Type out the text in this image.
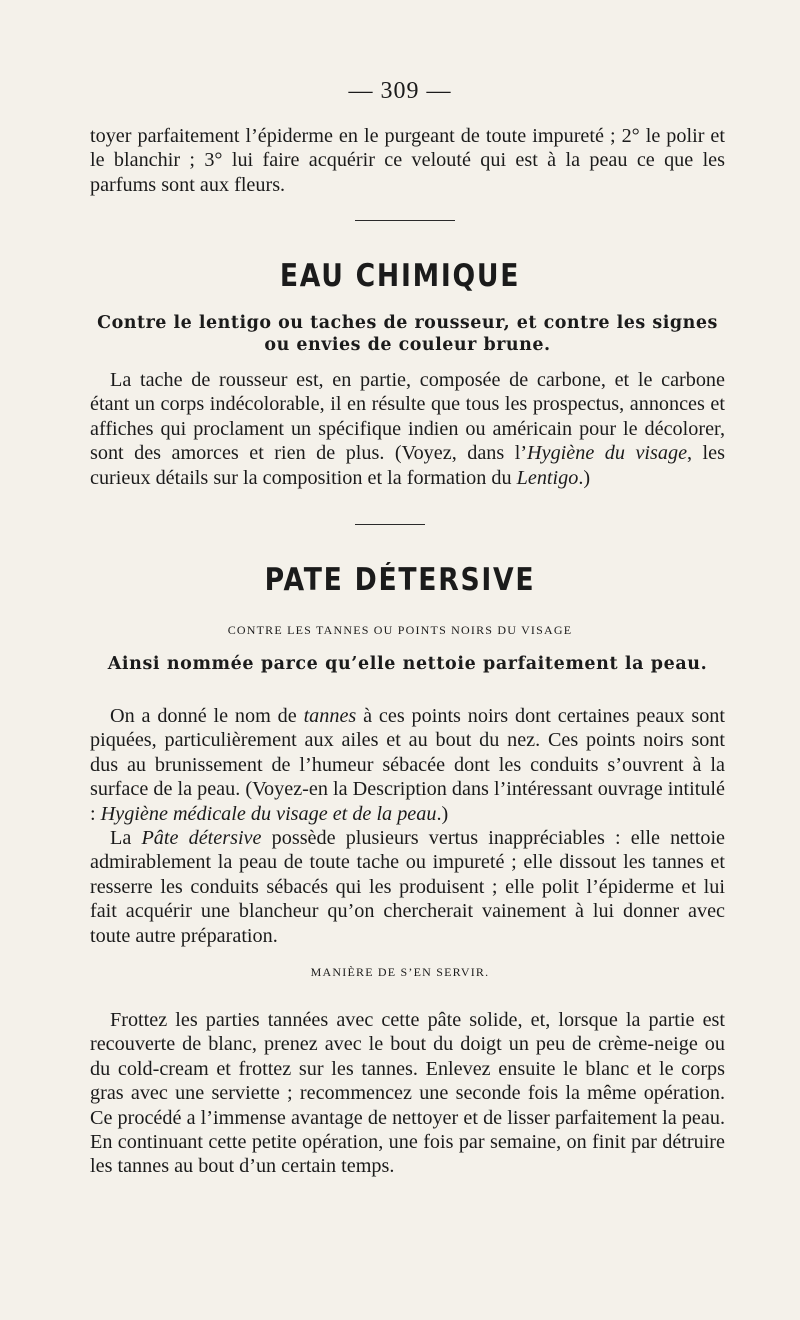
— 309 —

toyer parfaitement l’épiderme en le purgeant de toute impureté ; 2° le polir et le blanchir ; 3° lui faire acquérir ce velouté qui est à la peau ce que les parfums sont aux fleurs.

EAU CHIMIQUE
Contre le lentigo ou taches de rousseur, et contre les signes ou envies de couleur brune.

La tache de rousseur est, en partie, composée de carbone, et le carbone étant un corps indécolorable, il en résulte que tous les prospectus, annonces et affiches qui proclament un spécifique indien ou américain pour le décolorer, sont des amorces et rien de plus. (Voyez, dans l’Hygiène du visage, les curieux détails sur la composition et la formation du Lentigo.)

PATE DÉTERSIVE
CONTRE LES TANNES OU POINTS NOIRS DU VISAGE
Ainsi nommée parce qu’elle nettoie parfaitement la peau.

On a donné le nom de tannes à ces points noirs dont certaines peaux sont piquées, particulièrement aux ailes et au bout du nez. Ces points noirs sont dus au brunissement de l’humeur sébacée dont les conduits s’ouvrent à la surface de la peau. (Voyez-en la Description dans l’intéressant ouvrage intitulé : Hygiène médicale du visage et de la peau.)

La Pâte détersive possède plusieurs vertus inappréciables : elle nettoie admirablement la peau de toute tache ou impureté ; elle dissout les tannes et resserre les conduits sébacés qui les produisent ; elle polit l’épiderme et lui fait acquérir une blancheur qu’on chercherait vainement à lui donner avec toute autre préparation.

MANIÈRE DE S’EN SERVIR.

Frottez les parties tannées avec cette pâte solide, et, lorsque la partie est recouverte de blanc, prenez avec le bout du doigt un peu de crème-neige ou du cold-cream et frottez sur les tannes. Enlevez ensuite le blanc et le corps gras avec une serviette ; recommencez une seconde fois la même opération. Ce procédé a l’immense avantage de nettoyer et de lisser parfaitement la peau. En continuant cette petite opération, une fois par semaine, on finit par détruire les tannes au bout d’un certain temps.
